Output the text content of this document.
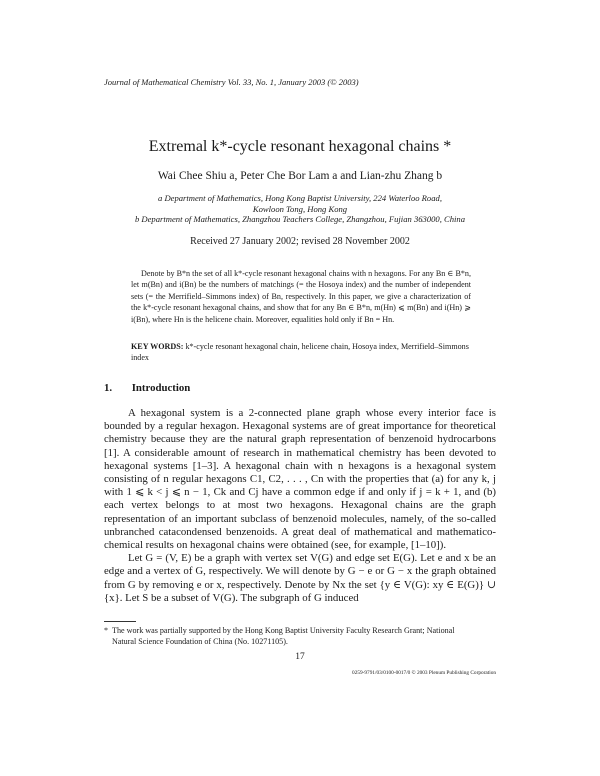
Journal of Mathematical Chemistry Vol. 33, No. 1, January 2003 (© 2003)
Extremal k*-cycle resonant hexagonal chains *
Wai Chee Shiu a, Peter Che Bor Lam a and Lian-zhu Zhang b
a Department of Mathematics, Hong Kong Baptist University, 224 Waterloo Road,
Kowloon Tong, Hong Kong
b Department of Mathematics, Zhangzhou Teachers College, Zhangzhou, Fujian 363000, China
Received 27 January 2002; revised 28 November 2002

Denote by B*n the set of all k*-cycle resonant hexagonal chains with n hexagons. For any Bn ∈ B*n, let m(Bn) and i(Bn) be the numbers of matchings (= the Hosoya index) and the number of independent sets (= the Merrifield–Simmons index) of Bn, respectively. In this paper, we give a characterization of the k*-cycle resonant hexagonal chains, and show that for any Bn ∈ B*n, m(Hn) ⩽ m(Bn) and i(Hn) ⩾ i(Bn), where Hn is the helicene chain. Moreover, equalities hold only if Bn = Hn.

KEY WORDS: k*-cycle resonant hexagonal chain, helicene chain, Hosoya index, Merrifield–Simmons index
1. Introduction

A hexagonal system is a 2-connected plane graph whose every interior face is bounded by a regular hexagon. Hexagonal systems are of great importance for theoretical chemistry because they are the natural graph representation of benzenoid hydrocarbons [1]. A considerable amount of research in mathematical chemistry has been devoted to hexagonal systems [1–3]. A hexagonal chain with n hexagons is a hexagonal system consisting of n regular hexagons C1, C2, . . . , Cn with the properties that (a) for any k, j with 1 ⩽ k < j ⩽ n − 1, Ck and Cj have a common edge if and only if j = k + 1, and (b) each vertex belongs to at most two hexagons. Hexagonal chains are the graph representation of an important subclass of benzenoid molecules, namely, of the so-called unbranched catacondensed benzenoids. A great deal of mathematical and mathematico-chemical results on hexagonal chains were obtained (see, for example, [1–10]).

Let G = (V, E) be a graph with vertex set V(G) and edge set E(G). Let e and x be an edge and a vertex of G, respectively. We will denote by G − e or G − x the graph obtained from G by removing e or x, respectively. Denote by Nx the set {y ∈ V(G): xy ∈ E(G)} ∪ {x}. Let S be a subset of V(G). The subgraph of G induced

* The work was partially supported by the Hong Kong Baptist University Faculty Research Grant; National
Natural Science Foundation of China (No. 10271105).
17
0259-9791/03/0100-0017/0 © 2003 Plenum Publishing Corporation
